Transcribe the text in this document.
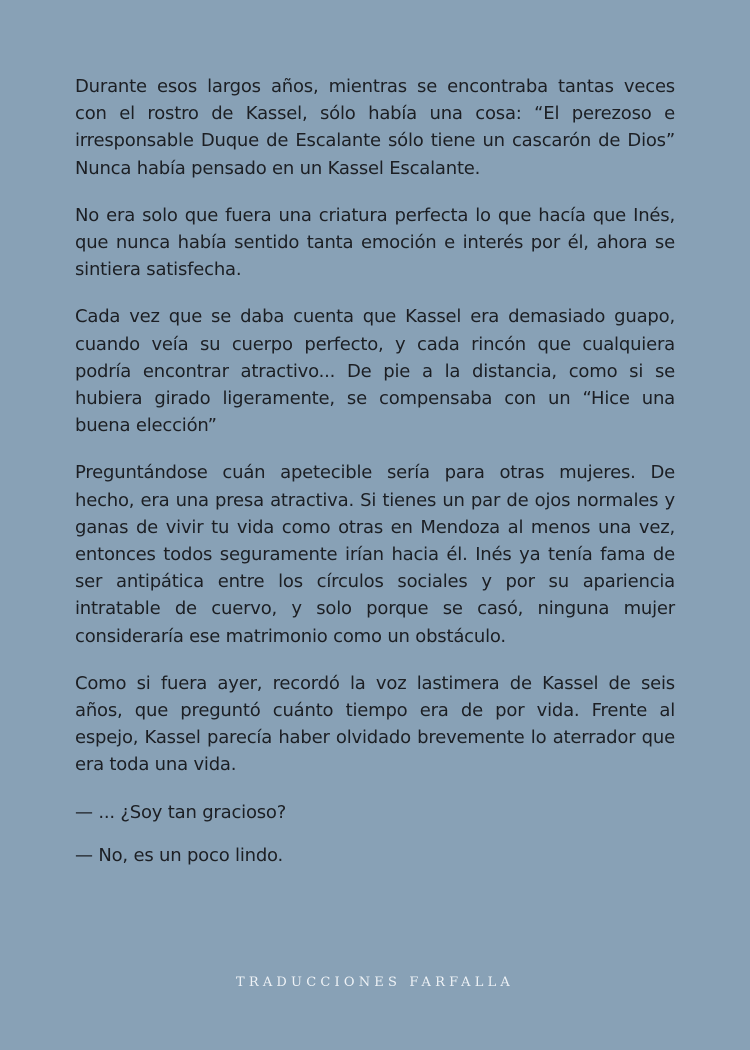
Durante esos largos años, mientras se encontraba tantas veces con el rostro de Kassel, sólo había una cosa: “El perezoso e irresponsable Duque de Escalante sólo tiene un cascarón de Dios” Nunca había pensado en un Kassel Escalante.

No era solo que fuera una criatura perfecta lo que hacía que Inés, que nunca había sentido tanta emoción e interés por él, ahora se sintiera satisfecha.

Cada vez que se daba cuenta que Kassel era demasiado guapo, cuando veía su cuerpo perfecto, y cada rincón que cualquiera podría encontrar atractivo... De pie a la distancia, como si se hubiera girado ligeramente, se compensaba con un “Hice una buena elección”

Preguntándose cuán apetecible sería para otras mujeres. De hecho, era una presa atractiva. Si tienes un par de ojos normales y ganas de vivir tu vida como otras en Mendoza al menos una vez, entonces todos seguramente irían hacia él. Inés ya tenía fama de ser antipática entre los círculos sociales y por su apariencia intratable de cuervo, y solo porque se casó, ninguna mujer consideraría ese matrimonio como un obstáculo.

Como si fuera ayer, recordó la voz lastimera de Kassel de seis años, que preguntó cuánto tiempo era de por vida. Frente al espejo, Kassel parecía haber olvidado brevemente lo aterrador que era toda una vida.

— ... ¿Soy tan gracioso?

— No, es un poco lindo.

TRADUCCIONES FARFALLA
